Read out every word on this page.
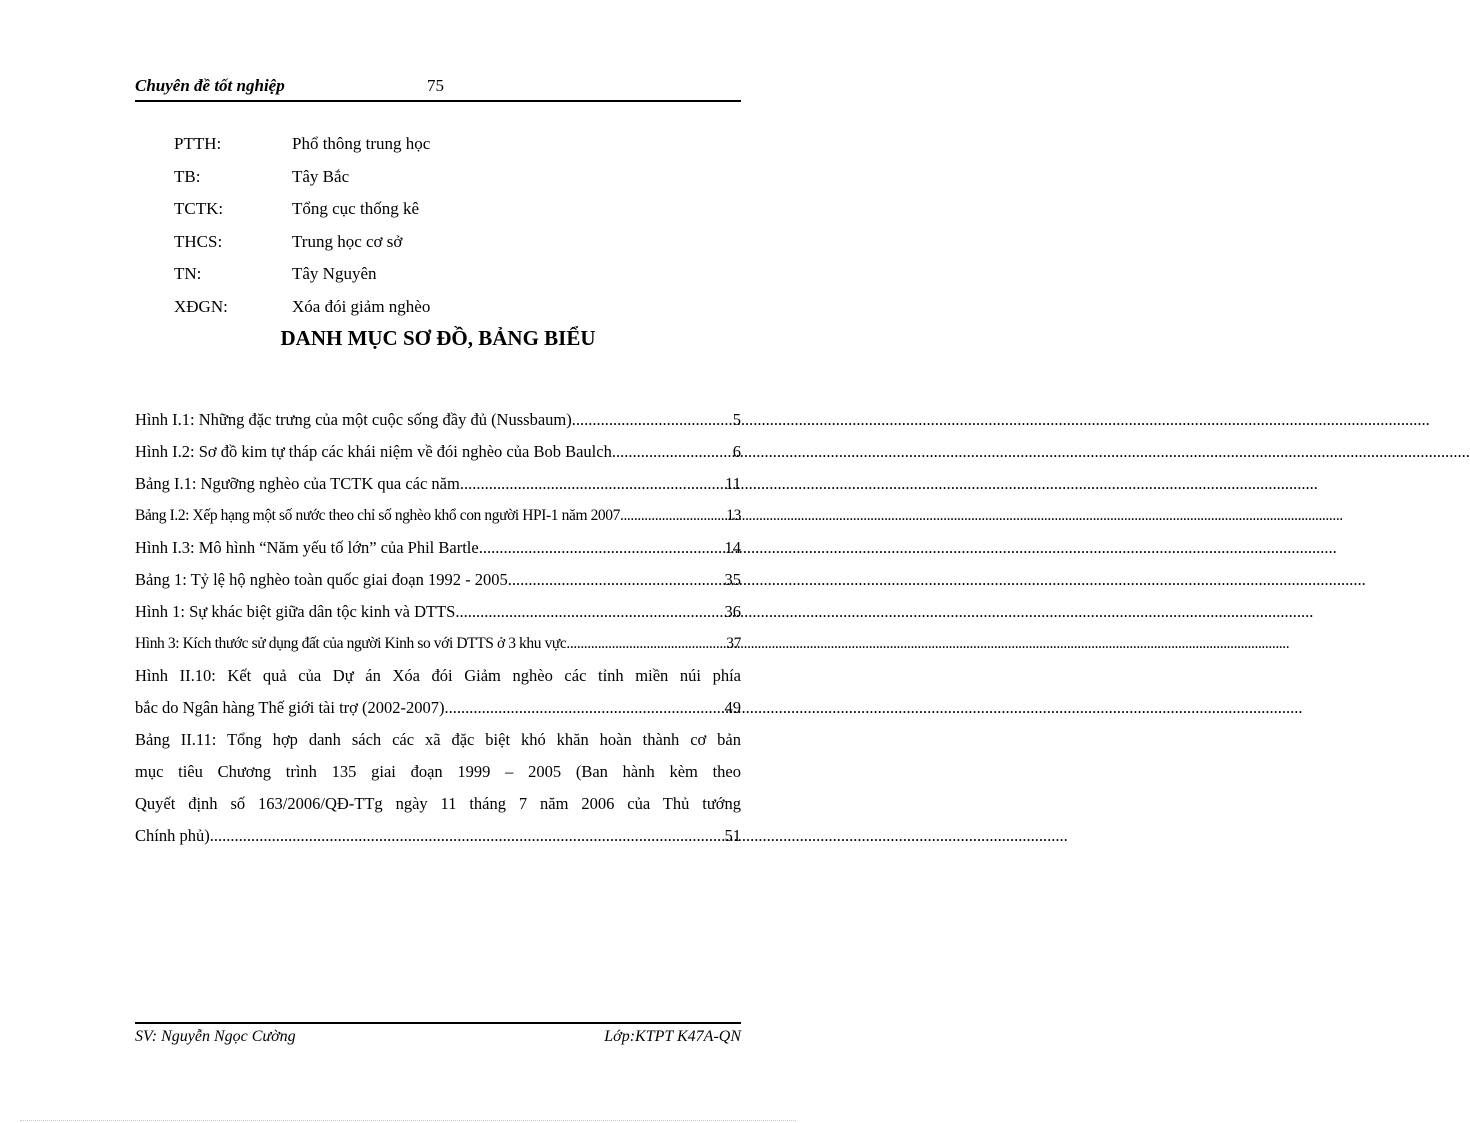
Chuyên đề tốt nghiệp	75
PTTH:	Phổ thông trung học
TB:	Tây Bắc
TCTK:	Tổng cục thống kê
THCS:	Trung học cơ sở
TN:	Tây Nguyên
XĐGN:	Xóa đói giảm nghèo
DANH MỤC SƠ ĐỒ, BẢNG BIỂU
Hình I.1: Những đặc trưng của một cuộc sống đầy đủ (Nussbaum) .....	5
Hình I.2: Sơ đồ kim tự tháp các khái niệm về đói nghèo của Bob Baulch .....	6
Bảng I.1: Ngưỡng nghèo của TCTK qua các năm .....	11
Bảng I.2: Xếp hạng một số nước theo chỉ số nghèo khổ con người HPI-1 năm 2007 .....	13
Hình I.3: Mô hình “Năm yếu tố lớn” của Phil Bartle .....	14
Bảng 1: Tỷ lệ hộ nghèo toàn quốc giai đoạn 1992 - 2005 .....	35
Hình 1: Sự khác biệt giữa dân tộc kinh và DTTS .....	36
Hình 3: Kích thước sử dụng đất của người Kinh so với DTTS ở 3 khu vực .....	37
Hình II.10: Kết quả của Dự án Xóa đói Giảm nghèo các tỉnh miền núi phía
bắc do Ngân hàng Thế giới tài trợ (2002-2007) .....	49
Bảng II.11: Tổng hợp danh sách các xã đặc biệt khó khăn hoàn thành cơ bản
mục tiêu Chương trình 135 giai đoạn 1999 – 2005 (Ban hành kèm theo
Quyết định số 163/2006/QĐ-TTg ngày 11 tháng 7 năm 2006 của Thủ tướng
Chính phủ) .....	51
SV: Nguyễn Ngọc Cường	Lớp:KTPT K47A-QN
